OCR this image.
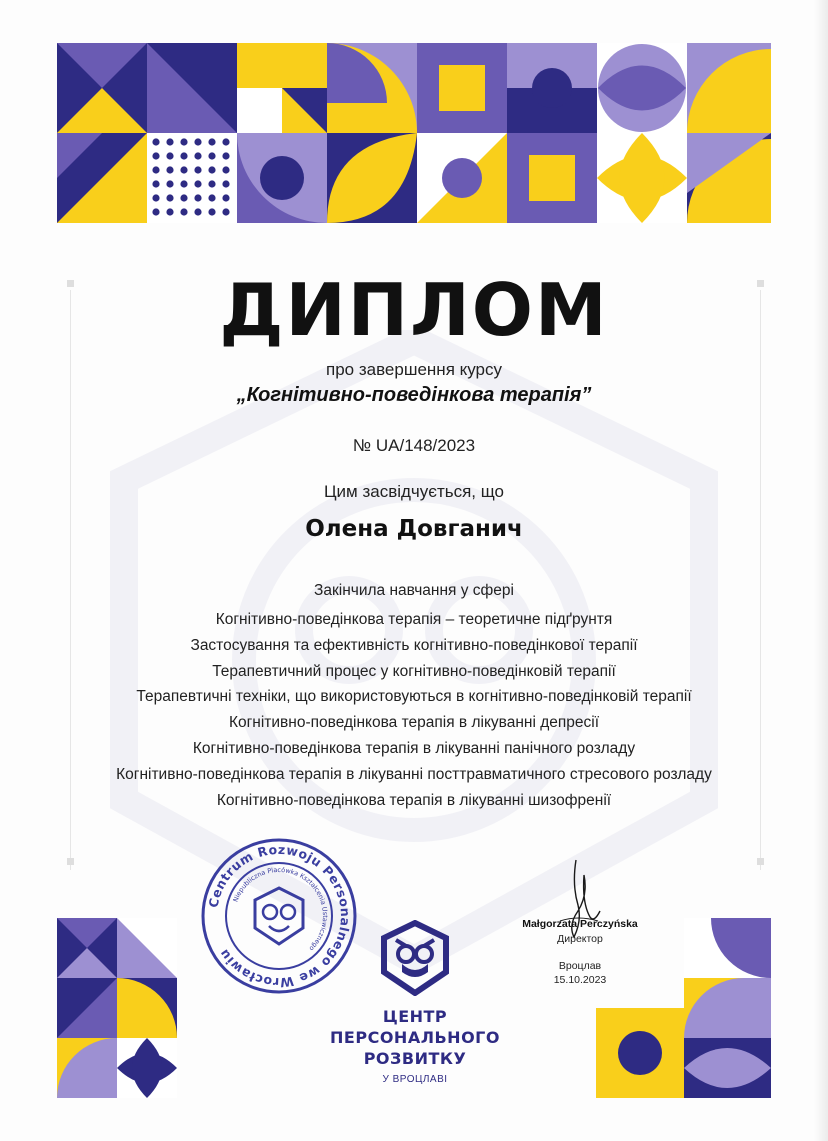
ДИПЛОМ
про завершення курсу
„Когнітивно-поведінкова терапія”
№ UA/148/2023
Цим засвідчується, що
Олена Довганич
Закінчила навчання у сфері
Когнітивно-поведінкова терапія – теоретичне підґрунтя
Застосування та ефективність когнітивно-поведінкової терапії
Терапевтичний процес у когнітивно-поведінковій терапії
Терапевтичні техніки, що використовуються в когнітивно-поведінковій терапії
Когнітивно-поведінкова терапія в лікуванні депресії
Когнітивно-поведінкова терапія в лікуванні панічного розладу
Когнітивно-поведінкова терапія в лікуванні посттравматичного стресового розладу
Когнітивно-поведінкова терапія в лікуванні шизофренії
Centrum Rozwoju Personalnego we Wrocławiu
Niepubliczna Placówka Kształcenia Ustawicznego
ЦЕНТР
ПЕРСОНАЛЬНОГО
РОЗВИТКУ
У ВРОЦЛАВІ
Małgorzata Perczyńska
Директор
Вроцлав
15.10.2023
